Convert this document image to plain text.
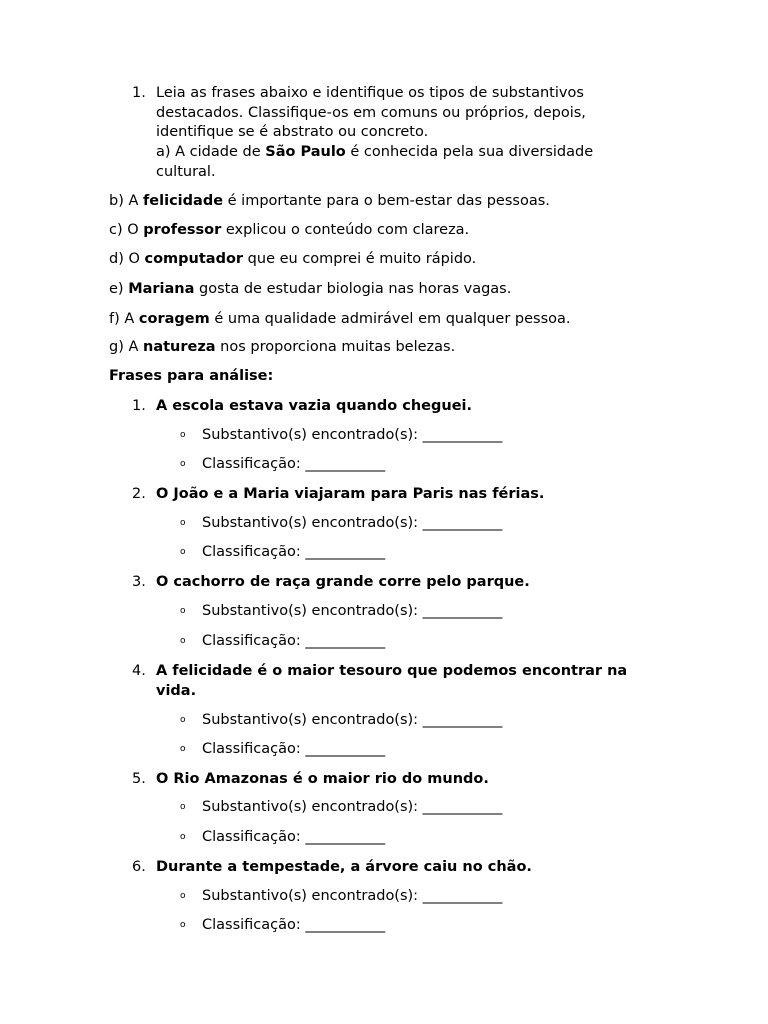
1. Leia as frases abaixo e identifique os tipos de substantivos destacados. Classifique-os em comuns ou próprios, depois, identifique se é abstrato ou concreto.
a) A cidade de São Paulo é conhecida pela sua diversidade cultural.
b) A felicidade é importante para o bem-estar das pessoas.
c) O professor explicou o conteúdo com clareza.
d) O computador que eu comprei é muito rápido.
e) Mariana gosta de estudar biologia nas horas vagas.
f) A coragem é uma qualidade admirável em qualquer pessoa.
g) A natureza nos proporciona muitas belezas.
Frases para análise:
1. A escola estava vazia quando cheguei.
o Substantivo(s) encontrado(s): ___________
o Classificação: ___________
2. O João e a Maria viajaram para Paris nas férias.
o Substantivo(s) encontrado(s): ___________
o Classificação: ___________
3. O cachorro de raça grande corre pelo parque.
o Substantivo(s) encontrado(s): ___________
o Classificação: ___________
4. A felicidade é o maior tesouro que podemos encontrar na vida.
o Substantivo(s) encontrado(s): ___________
o Classificação: ___________
5. O Rio Amazonas é o maior rio do mundo.
o Substantivo(s) encontrado(s): ___________
o Classificação: ___________
6. Durante a tempestade, a árvore caiu no chão.
o Substantivo(s) encontrado(s): ___________
o Classificação: ___________
